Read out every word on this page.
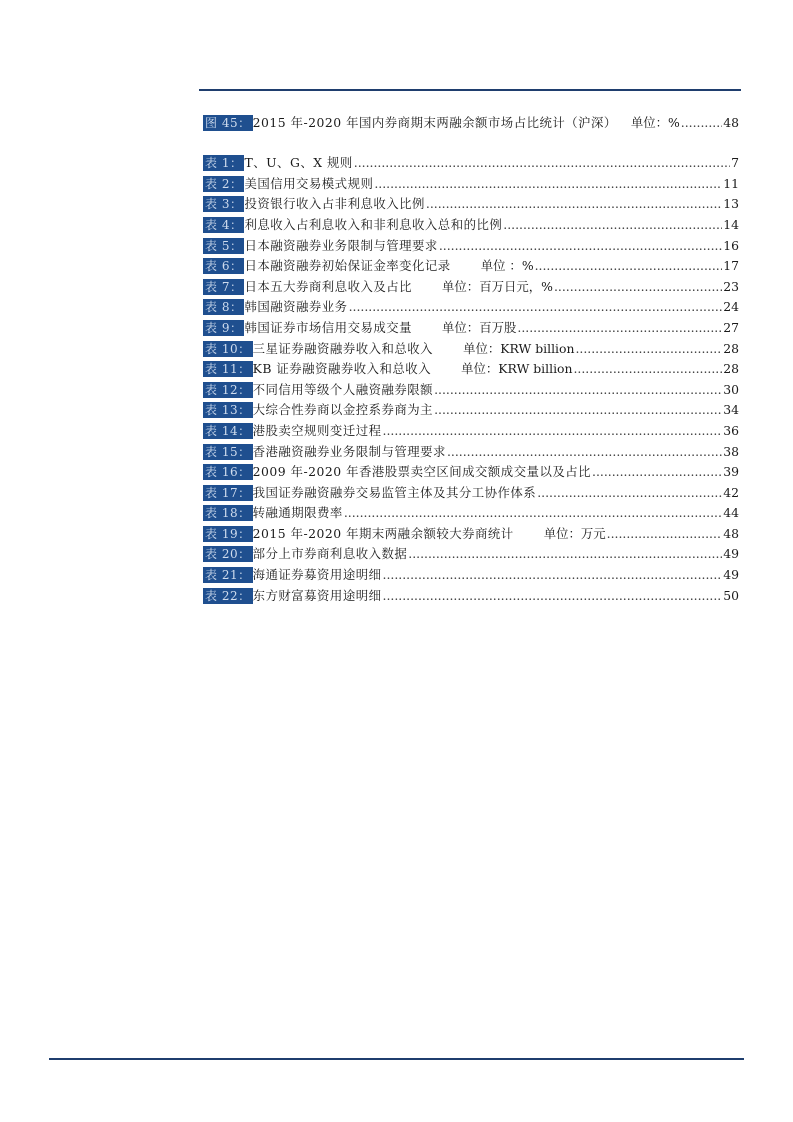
图 45： 2015 年-2020 年国内券商期末两融余额市场占比统计（沪深） 单位：% .....	48
表 1： T、U、G、X 规则 .....	7
表 2： 美国信用交易模式规则 .....	11
表 3： 投资银行收入占非利息收入比例 .....	13
表 4： 利息收入占利息收入和非利息收入总和的比例 .....	14
表 5： 日本融资融券业务限制与管理要求 .....	16
表 6： 日本融资融券初始保证金率变化记录 单位 ：% .....	17
表 7： 日本五大券商利息收入及占比 单位：百万日元，% .....	23
表 8： 韩国融资融券业务 .....	24
表 9： 韩国证券市场信用交易成交量 单位：百万股 .....	27
表 10： 三星证券融资融券收入和总收入 单位：KRW billion .....	28
表 11： KB 证券融资融券收入和总收入 单位：KRW billion .....	28
表 12： 不同信用等级个人融资融券限额 .....	30
表 13： 大综合性券商以金控系券商为主 .....	34
表 14： 港股卖空规则变迁过程 .....	36
表 15： 香港融资融券业务限制与管理要求 .....	38
表 16： 2009 年-2020 年香港股票卖空区间成交额成交量以及占比 .....	39
表 17： 我国证券融资融券交易监管主体及其分工协作体系 .....	42
表 18： 转融通期限费率 .....	44
表 19： 2015 年-2020 年期末两融余额较大券商统计 单位：万元 .....	48
表 20： 部分上市券商利息收入数据 .....	49
表 21： 海通证券募资用途明细 .....	49
表 22： 东方财富募资用途明细 .....	50
